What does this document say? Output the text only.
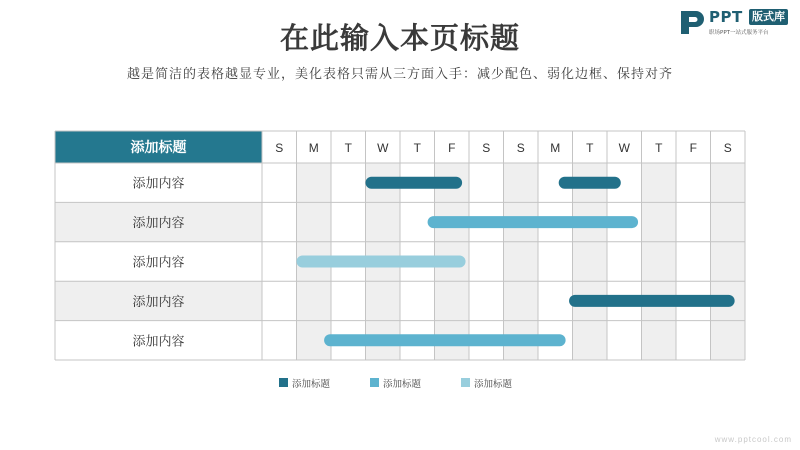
在此输入本页标题
越是简洁的表格越显专业，美化表格只需从三方面入手：减少配色、弱化边框、保持对齐
PPT 版式库
职场PPT一站式服务平台
添加标题	S M T W T F S S M T W T F S
添加内容
添加内容
添加内容
添加内容
添加内容
添加标题	添加标题	添加标题
www.pptcool.com
